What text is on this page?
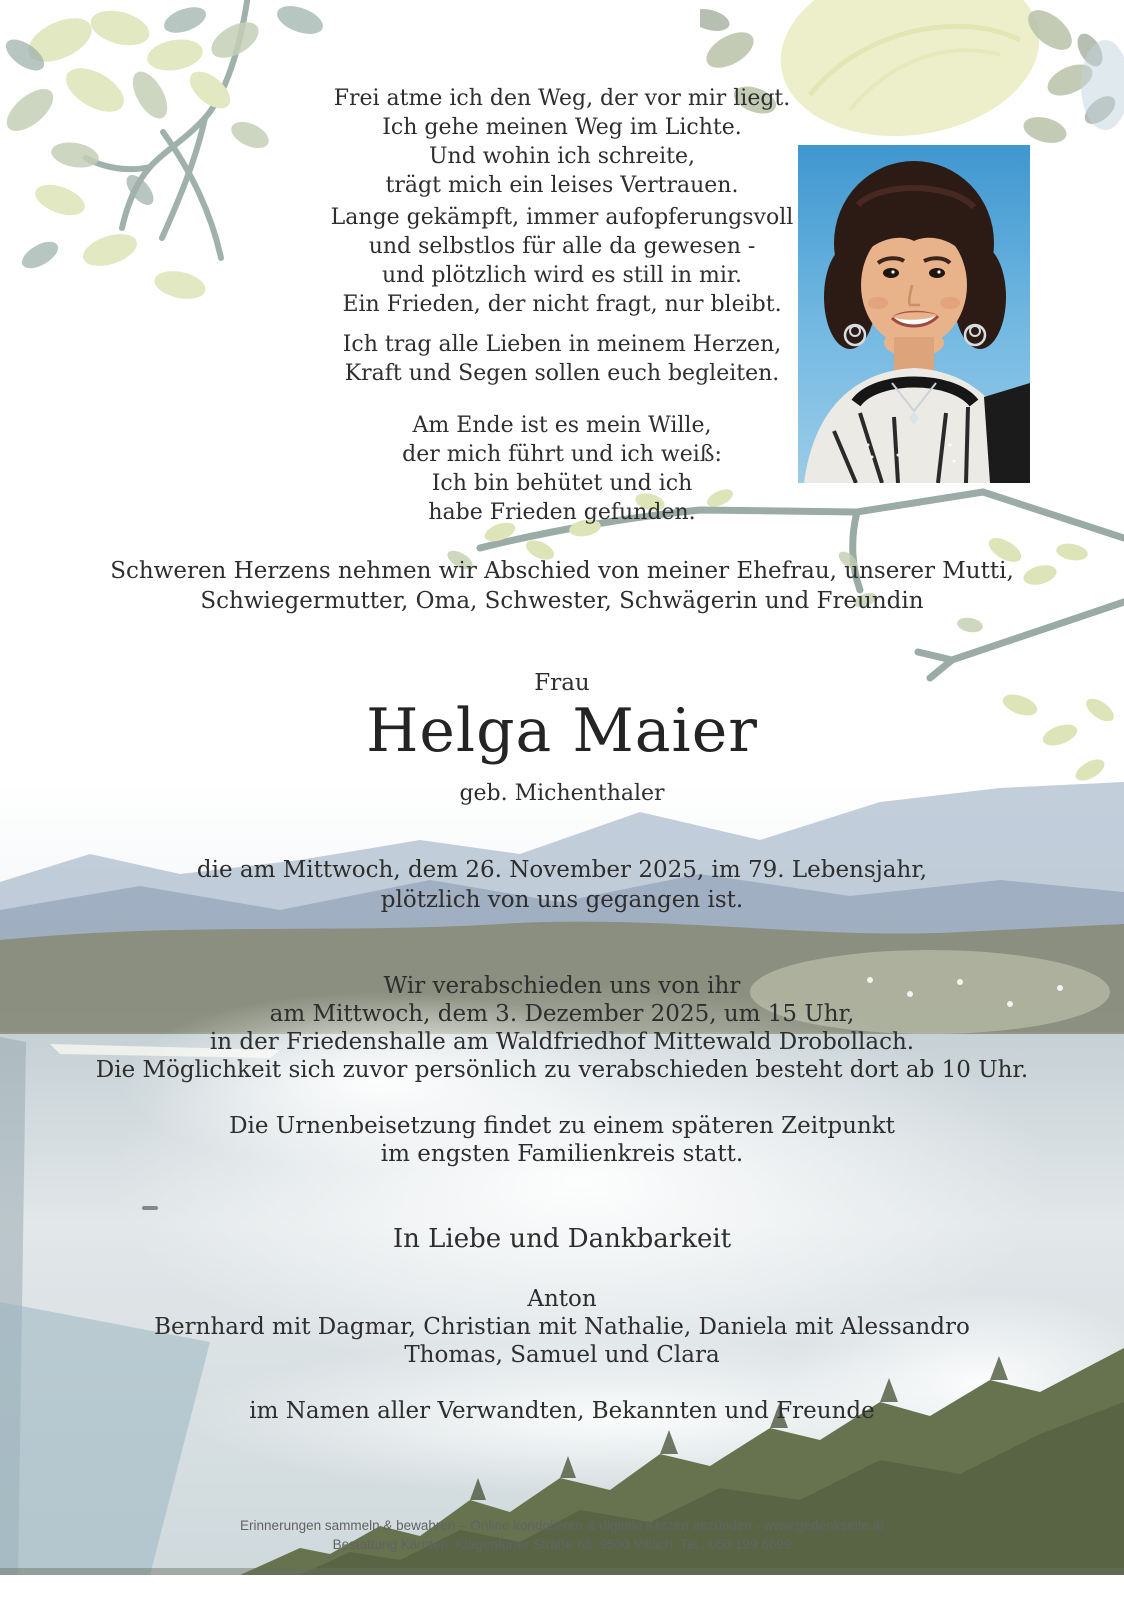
Frei atme ich den Weg, der vor mir liegt.
Ich gehe meinen Weg im Lichte.
Und wohin ich schreite,
trägt mich ein leises Vertrauen.
Lange gekämpft, immer aufopferungsvoll
und selbstlos für alle da gewesen -
und plötzlich wird es still in mir.
Ein Frieden, der nicht fragt, nur bleibt.
Ich trag alle Lieben in meinem Herzen,
Kraft und Segen sollen euch begleiten.
Am Ende ist es mein Wille,
der mich führt und ich weiß:
Ich bin behütet und ich
habe Frieden gefunden.
Schweren Herzens nehmen wir Abschied von meiner Ehefrau, unserer Mutti,
Schwiegermutter, Oma, Schwester, Schwägerin und Freundin
Frau
Helga Maier
geb. Michenthaler
die am Mittwoch, dem 26. November 2025, im 79. Lebensjahr,
plötzlich von uns gegangen ist.
Wir verabschieden uns von ihr
am Mittwoch, dem 3. Dezember 2025, um 15 Uhr,
in der Friedenshalle am Waldfriedhof Mittewald Drobollach.
Die Möglichkeit sich zuvor persönlich zu verabschieden besteht dort ab 10 Uhr.
Die Urnenbeisetzung findet zu einem späteren Zeitpunkt
im engsten Familienkreis statt.
In Liebe und Dankbarkeit
Anton
Bernhard mit Dagmar, Christian mit Nathalie, Daniela mit Alessandro
Thomas, Samuel und Clara
im Namen aller Verwandten, Bekannten und Freunde
Erinnerungen sammeln & bewahren – Online kondolieren & digitale Kerzen anzünden - www.gedenkseite.at
Bestattung Kärnten, Klagenfurter Straße 68, 9500 Villach, Tel.: 050 199 6699
